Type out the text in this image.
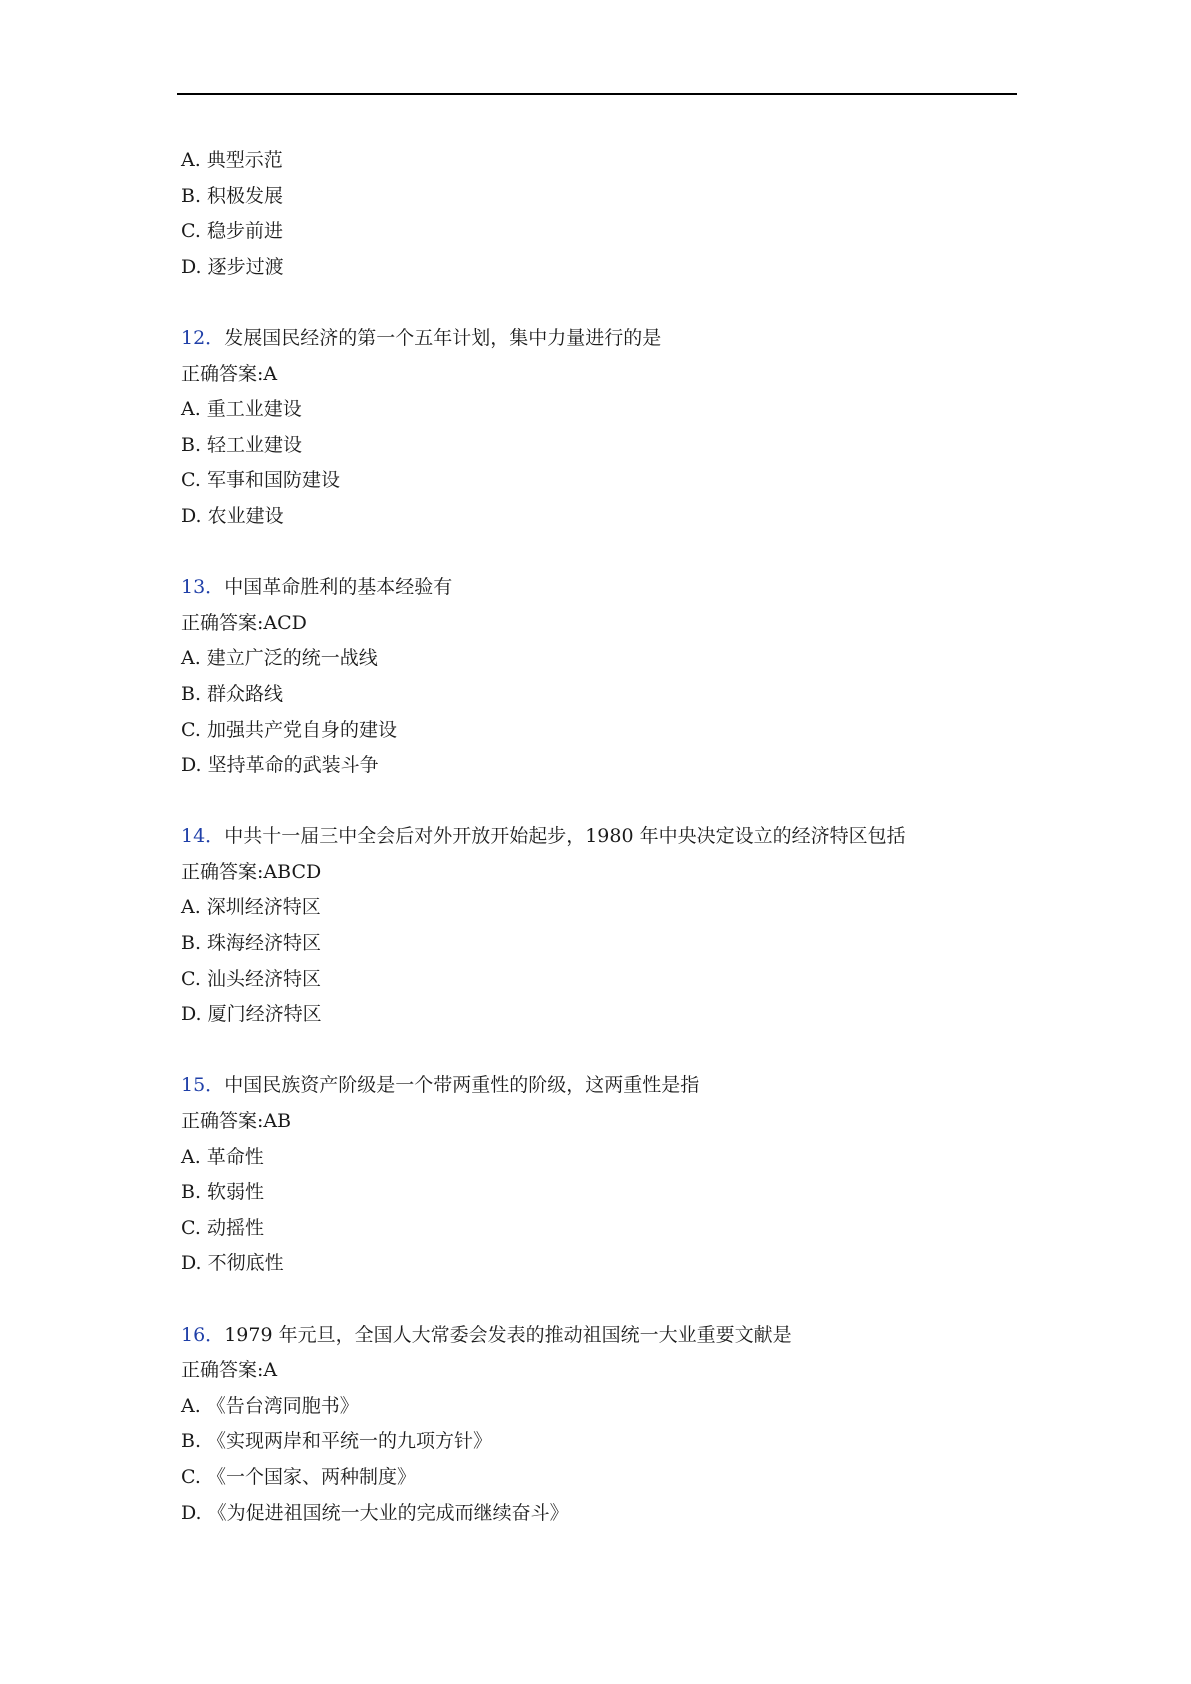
A. 典型示范
B. 积极发展
C. 稳步前进
D. 逐步过渡
12．发展国民经济的第一个五年计划，集中力量进行的是
正确答案:A
A. 重工业建设
B. 轻工业建设
C. 军事和国防建设
D. 农业建设
13．中国革命胜利的基本经验有
正确答案:ACD
A. 建立广泛的统一战线
B. 群众路线
C. 加强共产党自身的建设
D. 坚持革命的武装斗争
14．中共十一届三中全会后对外开放开始起步，1980 年中央决定设立的经济特区包括
正确答案:ABCD
A. 深圳经济特区
B. 珠海经济特区
C. 汕头经济特区
D. 厦门经济特区
15．中国民族资产阶级是一个带两重性的阶级，这两重性是指
正确答案:AB
A. 革命性
B. 软弱性
C. 动摇性
D. 不彻底性
16．1979 年元旦，全国人大常委会发表的推动祖国统一大业重要文献是
正确答案:A
A. 《告台湾同胞书》
B. 《实现两岸和平统一的九项方针》
C. 《一个国家、两种制度》
D. 《为促进祖国统一大业的完成而继续奋斗》
